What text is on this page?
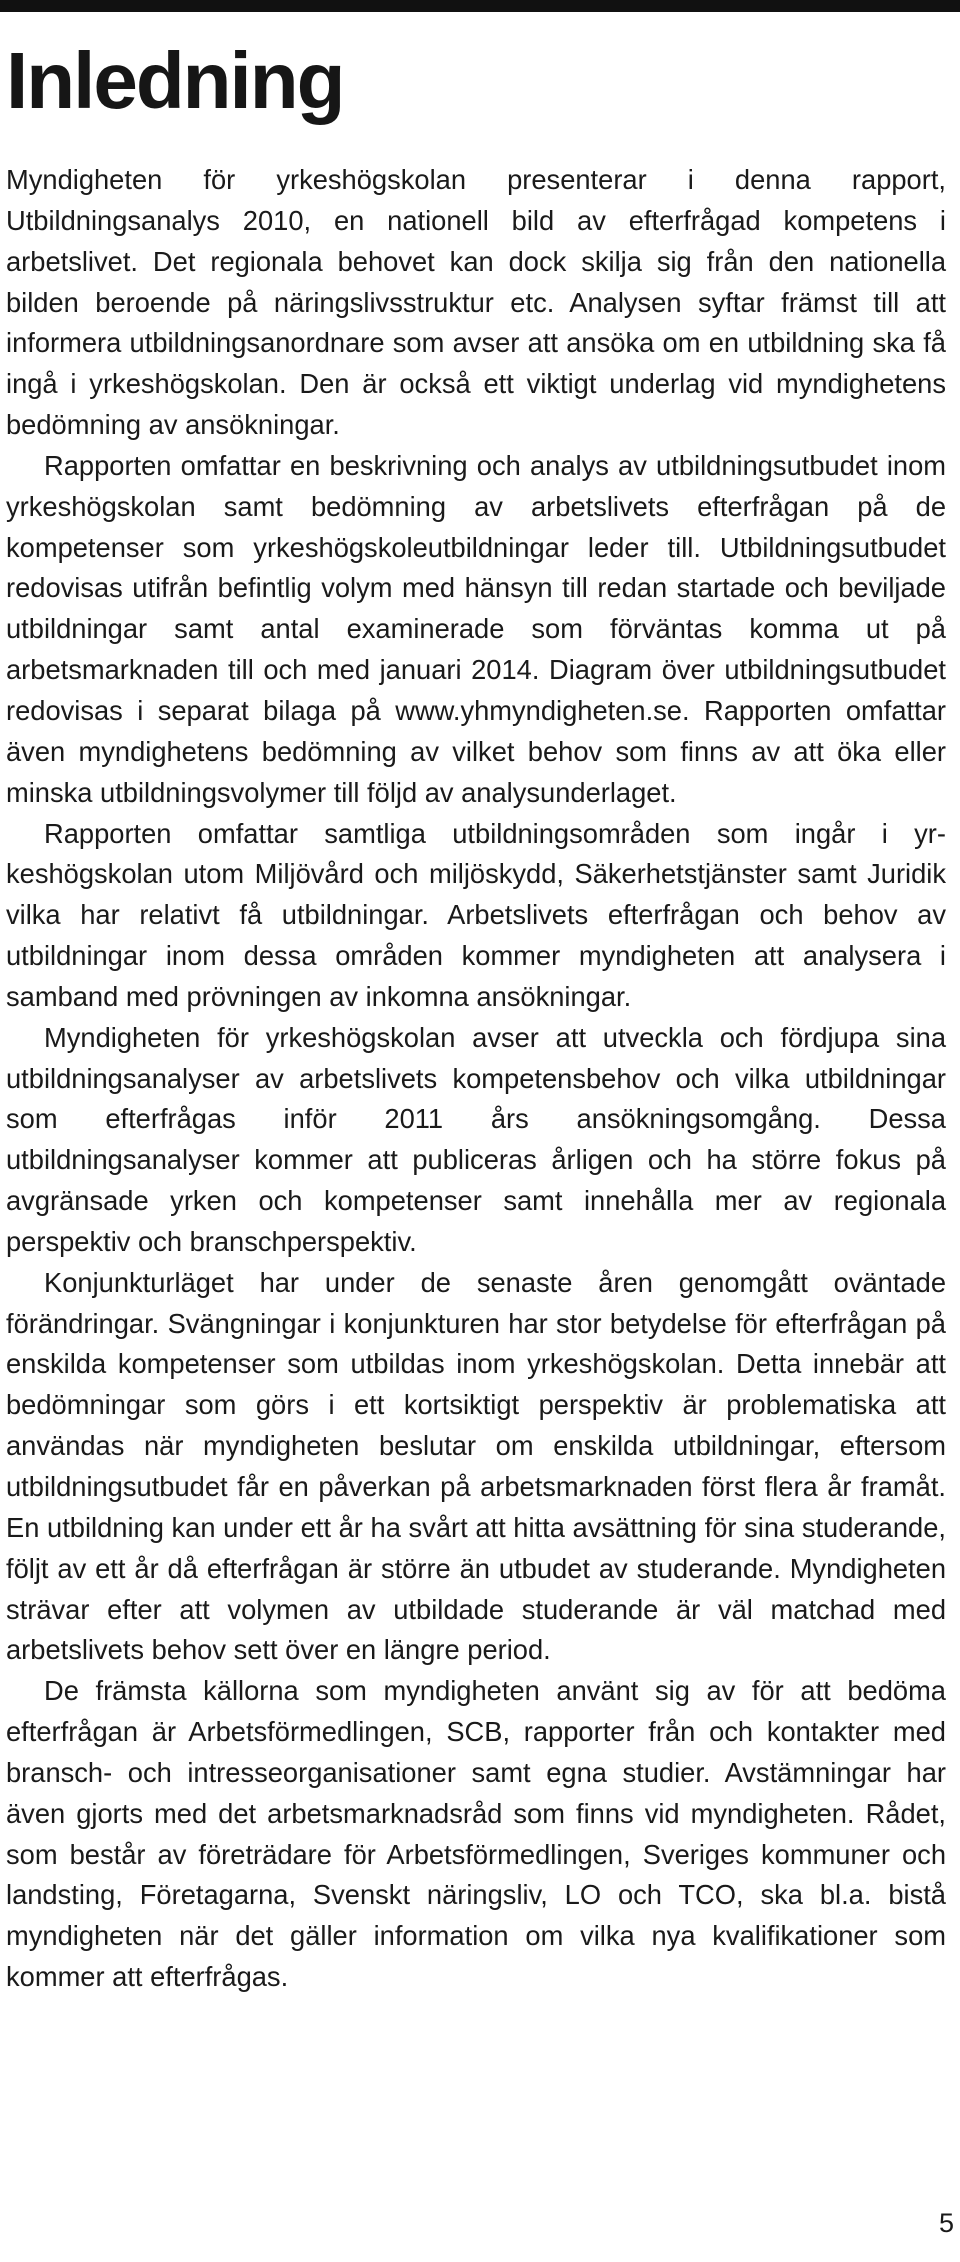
Inledning

Myndigheten för yrkeshögskolan presenterar i denna rapport, Utbildningsanalys 2010, en nationell bild av efterfrågad kompetens i arbetslivet. Det regionala behovet kan dock skilja sig från den nationella bilden beroende på näringslivsstruktur etc. Analysen syftar främst till att informera utbildningsanordnare som avser att ansöka om en utbildning ska få ingå i yrkeshögskolan. Den är också ett viktigt underlag vid myndighetens bedömning av ansökningar.

Rapporten omfattar en beskrivning och analys av utbildningsutbudet inom yrkeshögskolan samt bedömning av arbetslivets efterfrågan på de kompetenser som yrkeshögskoleutbildningar leder till. Utbildningsutbudet redovisas utifrån befintlig volym med hänsyn till redan startade och beviljade utbildningar samt antal examinerade som förväntas komma ut på arbetsmarknaden till och med januari 2014. Diagram över utbildningsutbudet redovisas i separat bilaga på www.yhmyndigheten.se. Rapporten omfattar även myndighetens bedömning av vilket behov som finns av att öka eller minska utbildningsvolymer till följd av analysunderlaget.

Rapporten omfattar samtliga utbildningsområden som ingår i yrkeshögskolan utom Miljövård och miljöskydd, Säkerhetstjänster samt Juridik vilka har relativt få utbildningar. Arbetslivets efterfrågan och behov av utbildningar inom dessa områden kommer myndigheten att analysera i samband med prövningen av inkomna ansökningar.

Myndigheten för yrkeshögskolan avser att utveckla och fördjupa sina utbildningsanalyser av arbetslivets kompetensbehov och vilka utbildningar som efterfrågas inför 2011 års ansökningsomgång. Dessa utbildningsanalyser kommer att publiceras årligen och ha större fokus på avgränsade yrken och kompetenser samt innehålla mer av regionala perspektiv och branschperspektiv.

Konjunkturläget har under de senaste åren genomgått oväntade förändringar. Svängningar i konjunkturen har stor betydelse för efterfrågan på enskilda kompetenser som utbildas inom yrkeshögskolan. Detta innebär att bedömningar som görs i ett kortsiktigt perspektiv är problematiska att användas när myndigheten beslutar om enskilda utbildningar, eftersom utbildningsutbudet får en påverkan på arbetsmarknaden först flera år framåt. En utbildning kan under ett år ha svårt att hitta avsättning för sina studerande, följt av ett år då efterfrågan är större än utbudet av studerande. Myndigheten strävar efter att volymen av utbildade studerande är väl matchad med arbetslivets behov sett över en längre period.

De främsta källorna som myndigheten använt sig av för att bedöma efterfrågan är Arbetsförmedlingen, SCB, rapporter från och kontakter med bransch- och intresseorganisationer samt egna studier. Avstämningar har även gjorts med det arbetsmarknadsråd som finns vid myndigheten. Rådet, som består av företrädare för Arbetsförmedlingen, Sveriges kommuner och landsting, Företagarna, Svenskt näringsliv, LO och TCO, ska bl.a. bistå myndigheten när det gäller information om vilka nya kvalifikationer som kommer att efterfrågas.

5
